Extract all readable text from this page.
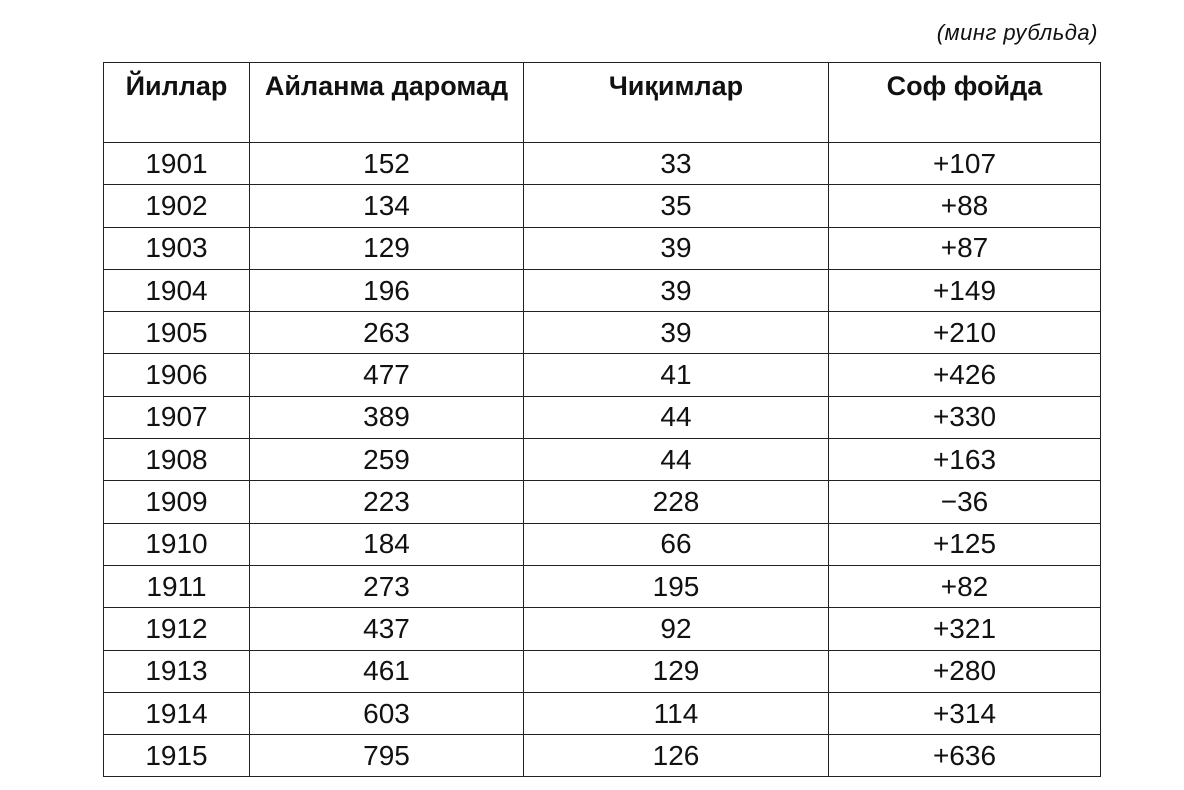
(минг рубльда)
Йиллар	Айланма даромад	Чиқимлар	Соф фойда
1901	152	33	+107
1902	134	35	+88
1903	129	39	+87
1904	196	39	+149
1905	263	39	+210
1906	477	41	+426
1907	389	44	+330
1908	259	44	+163
1909	223	228	−36
1910	184	66	+125
1911	273	195	+82
1912	437	92	+321
1913	461	129	+280
1914	603	114	+314
1915	795	126	+636
